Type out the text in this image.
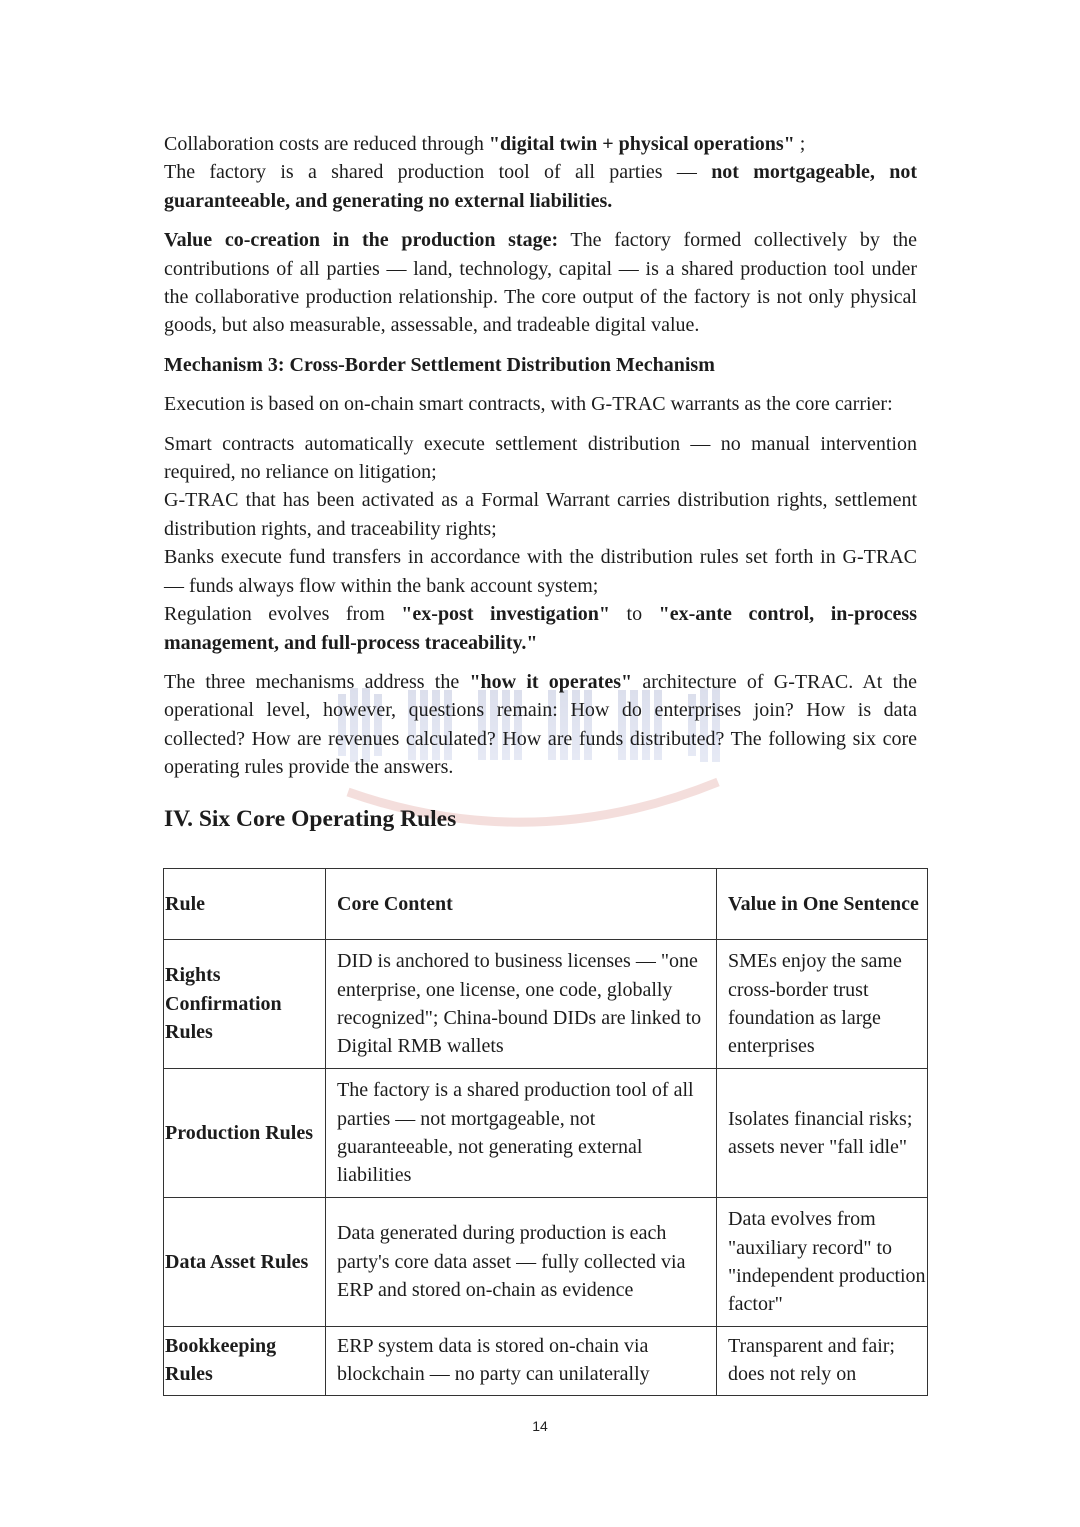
Collaboration costs are reduced through "digital twin + physical operations" ;

The factory is a shared production tool of all parties — not mortgageable, not guaranteeable, and generating no external liabilities.

Value co-creation in the production stage: The factory formed collectively by the contributions of all parties — land, technology, capital — is a shared production tool under the collaborative production relationship. The core output of the factory is not only physical goods, but also measurable, assessable, and tradeable digital value.

Mechanism 3: Cross-Border Settlement Distribution Mechanism

Execution is based on on-chain smart contracts, with G-TRAC warrants as the core carrier:

Smart contracts automatically execute settlement distribution — no manual intervention required, no reliance on litigation;

G-TRAC that has been activated as a Formal Warrant carries distribution rights, settlement distribution rights, and traceability rights;

Banks execute fund transfers in accordance with the distribution rules set forth in G-TRAC — funds always flow within the bank account system;

Regulation evolves from "ex-post investigation" to "ex-ante control, in-process management, and full-process traceability."

The three mechanisms address the "how it operates" architecture of G-TRAC. At the operational level, however, questions remain: How do enterprises join? How is data collected? How are revenues calculated? How are funds distributed? The following six core operating rules provide the answers.

IV. Six Core Operating Rules

Rule	Core Content	Value in One Sentence
Rights Confirmation Rules	DID is anchored to business licenses — "one enterprise, one license, one code, globally recognized"; China-bound DIDs are linked to Digital RMB wallets	SMEs enjoy the same cross-border trust foundation as large enterprises
Production Rules	The factory is a shared production tool of all parties — not mortgageable, not guaranteeable, not generating external liabilities	Isolates financial risks; assets never "fall idle"
Data Asset Rules	Data generated during production is each party's core data asset — fully collected via ERP and stored on-chain as evidence	Data evolves from "auxiliary record" to "independent production factor"
Bookkeeping Rules	ERP system data is stored on-chain via blockchain — no party can unilaterally	Transparent and fair; does not rely on
14
